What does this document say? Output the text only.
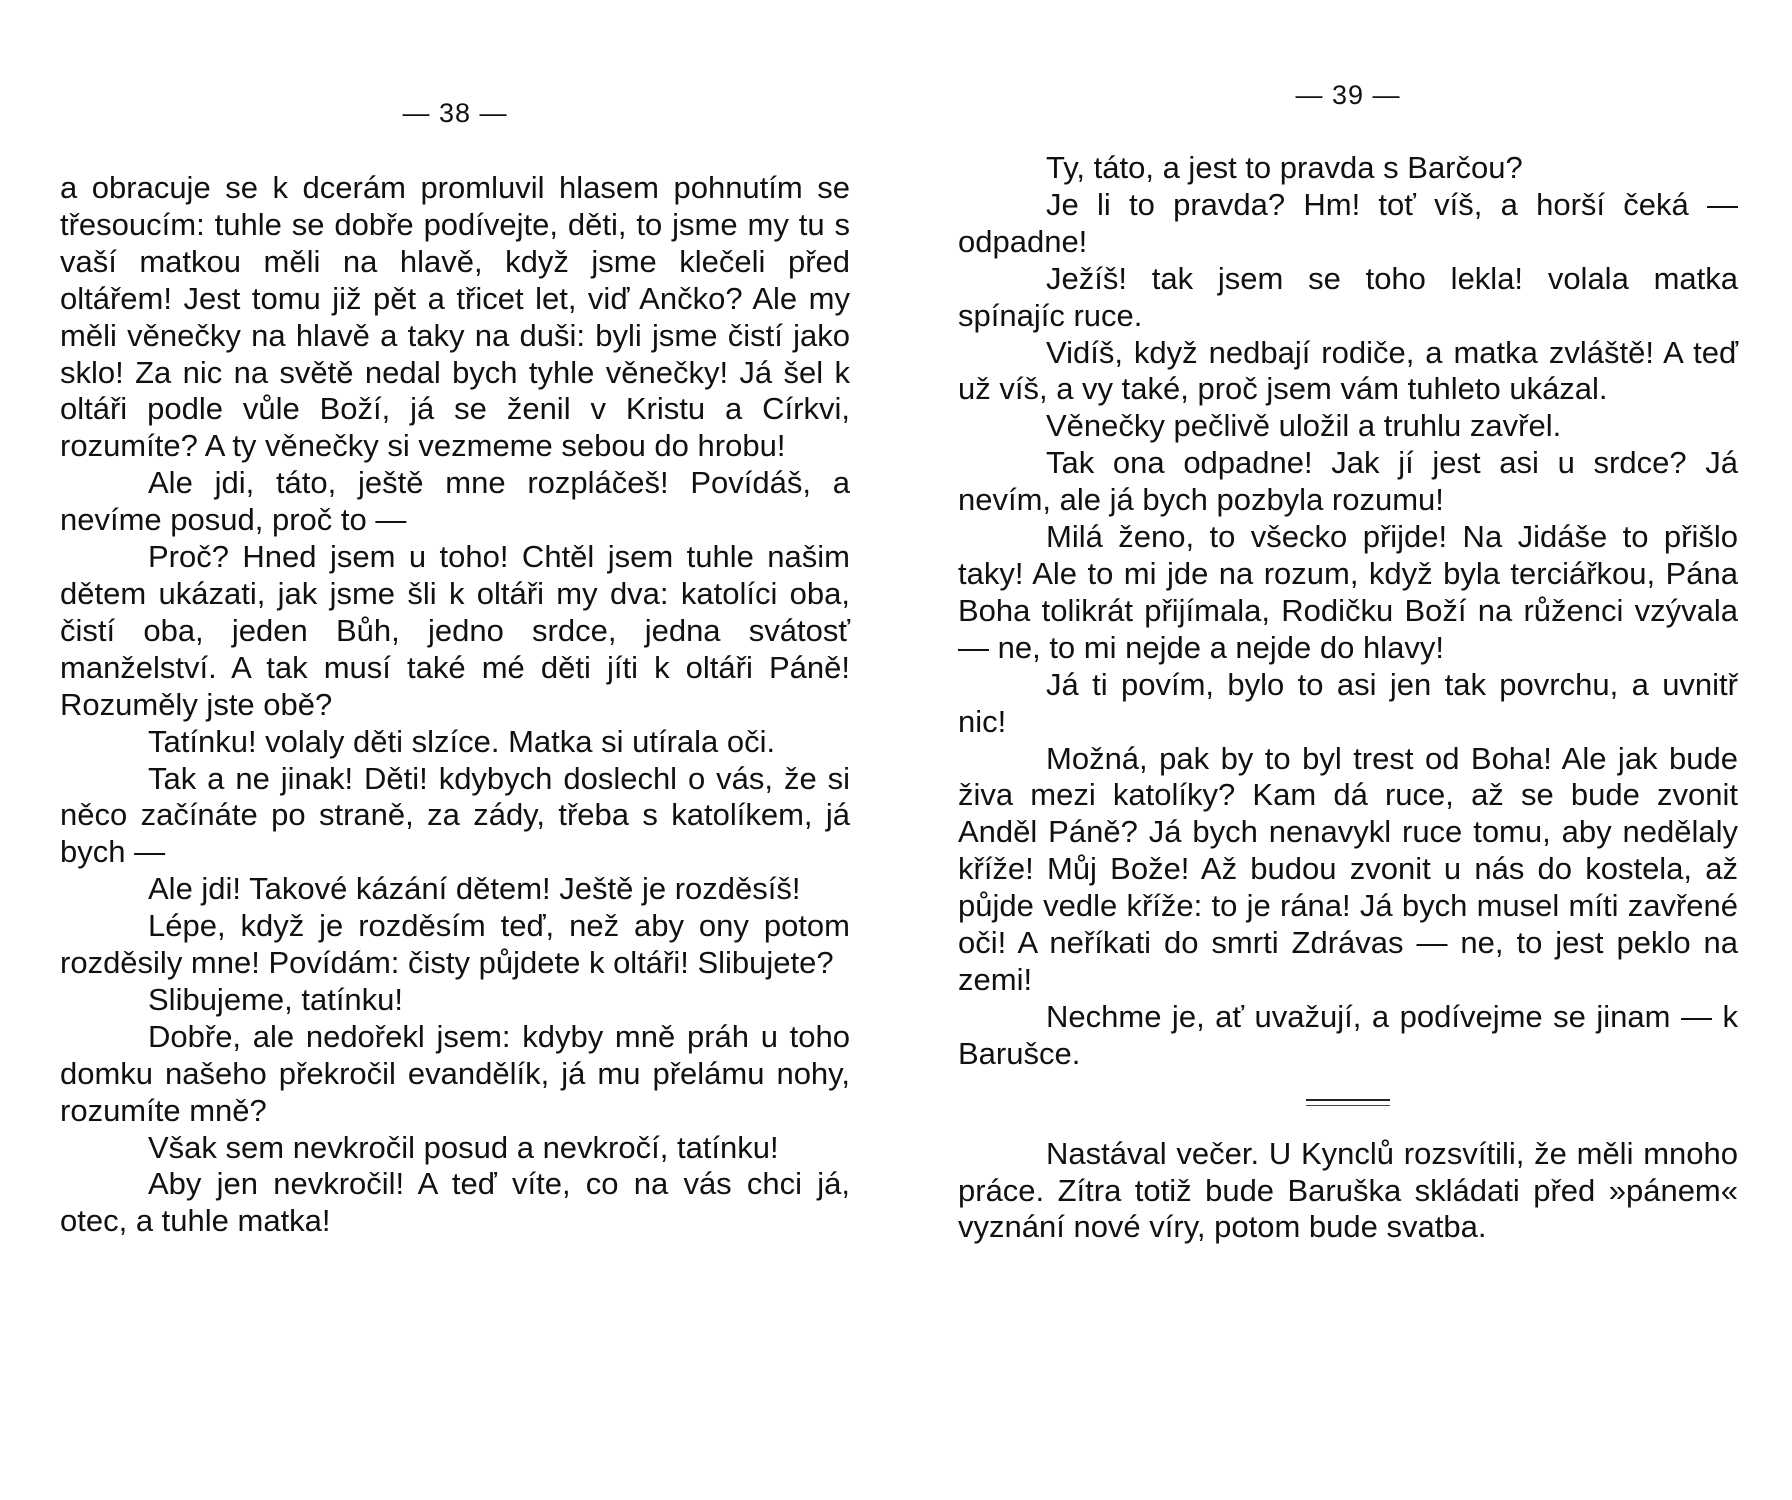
— 38 —

a obracuje se k dcerám promluvil hlasem pohnutím se třesoucím: tuhle se dobře podívejte, děti, to jsme my tu s vaší matkou měli na hlavě, když jsme klečeli před oltářem! Jest tomu již pět a třicet let, viď Ančko? Ale my měli věnečky na hlavě a taky na duši: byli jsme čistí jako sklo! Za nic na světě nedal bych tyhle věnečky! Já šel k oltáři podle vůle Boží, já se ženil v Kristu a Církvi, rozumíte? A ty věnečky si vezmeme sebou do hrobu!

Ale jdi, táto, ještě mne rozpláčeš! Povídáš, a nevíme posud, proč to —

Proč? Hned jsem u toho! Chtěl jsem tuhle našim dětem ukázati, jak jsme šli k oltáři my dva: katolíci oba, čistí oba, jeden Bůh, jedno srdce, jedna svátosť manželství. A tak musí také mé děti jíti k oltáři Páně! Rozuměly jste obě?

Tatínku! volaly děti slzíce. Matka si utírala oči.

Tak a ne jinak! Děti! kdybych doslechl o vás, že si něco začínáte po straně, za zády, třeba s katolíkem, já bych —

Ale jdi! Takové kázání dětem! Ještě je rozděsíš!

Lépe, když je rozděsím teď, než aby ony potom rozděsily mne! Povídám: čisty půjdete k oltáři! Slibujete?

Slibujeme, tatínku!

Dobře, ale nedořekl jsem: kdyby mně práh u toho domku našeho překročil evandělík, já mu přelámu nohy, rozumíte mně?

Však sem nevkročil posud a nevkročí, tatínku!

Aby jen nevkročil! A teď víte, co na vás chci já, otec, a tuhle matka!

— 39 —

Ty, táto, a jest to pravda s Barčou?

Je li to pravda? Hm! toť víš, a horší čeká — odpadne!

Ježíš! tak jsem se toho lekla! volala matka spínajíc ruce.

Vidíš, když nedbají rodiče, a matka zvláště! A teď už víš, a vy také, proč jsem vám tuhleto ukázal.

Věnečky pečlivě uložil a truhlu zavřel.

Tak ona odpadne! Jak jí jest asi u srdce? Já nevím, ale já bych pozbyla rozumu!

Milá ženo, to všecko přijde! Na Jidáše to přišlo taky! Ale to mi jde na rozum, když byla terciářkou, Pána Boha tolikrát přijímala, Rodičku Boží na růženci vzývala — ne, to mi nejde a nejde do hlavy!

Já ti povím, bylo to asi jen tak povrchu, a uvnitř nic!

Možná, pak by to byl trest od Boha! Ale jak bude živa mezi katolíky? Kam dá ruce, až se bude zvonit Anděl Páně? Já bych nenavykl ruce tomu, aby nedělaly kříže! Můj Bože! Až budou zvonit u nás do kostela, až půjde vedle kříže: to je rána! Já bych musel míti zavřené oči! A neříkati do smrti Zdrávas — ne, to jest peklo na zemi!

Nechme je, ať uvažují, a podívejme se jinam — k Barušce.

Nastával večer. U Kynclů rozsvítili, že měli mnoho práce. Zítra totiž bude Baruška skládati před »pánem« vyznání nové víry, potom bude svatba.
